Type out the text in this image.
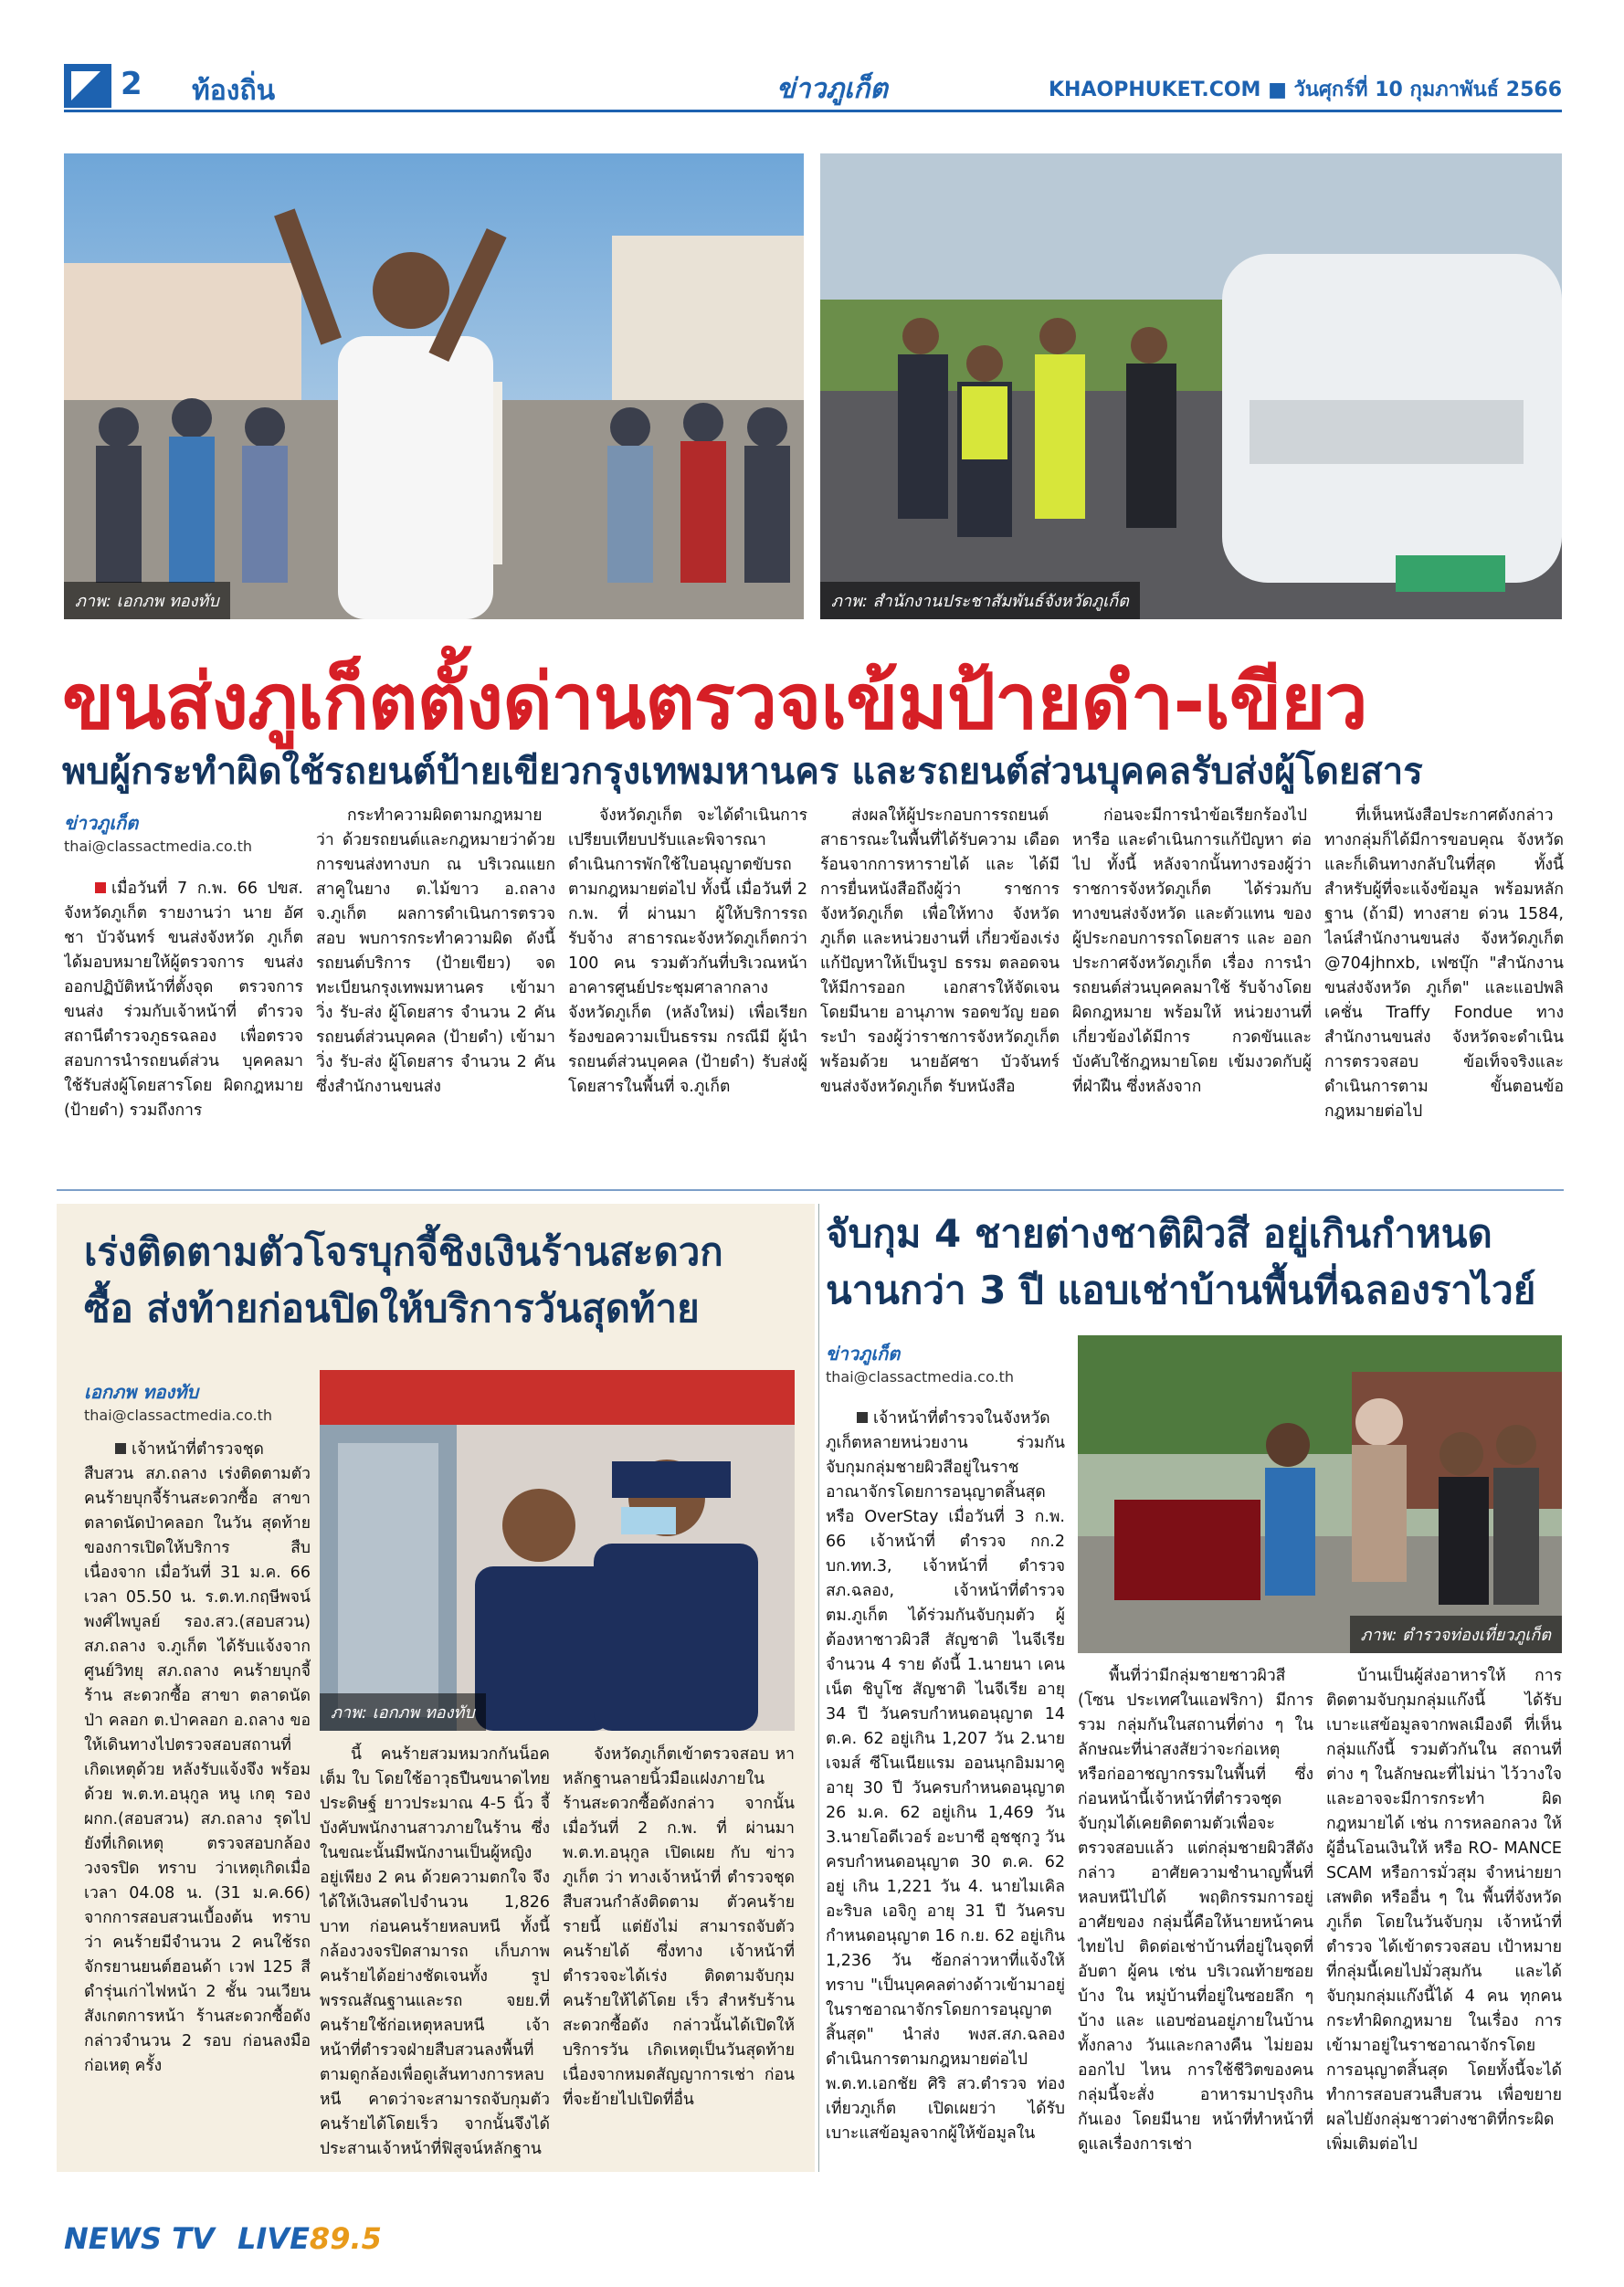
2 ท้องถิ่น	ข่าวภูเก็ต	KHAOPHUKET.COM ■ วันศุกร์ที่ 10 กุมภาพันธ์ 2566
ภาพ: เอกภพ ทองทับ	ภาพ: สำนักงานประชาสัมพันธ์จังหวัดภูเก็ต
ขนส่งภูเก็ตตั้งด่านตรวจเข้มป้ายดำ-เขียว
พบผู้กระทำผิดใช้รถยนต์ป้ายเขียวกรุงเทพมหานคร และรถยนต์ส่วนบุคคลรับส่งผู้โดยสาร
ข่าวภูเก็ต
thai@classactmedia.co.th

เมื่อวันที่ 7 ก.พ. 66 ปขส. จังหวัดภูเก็ต รายงานว่า นาย อัศชา บัวจันทร์ ขนส่งจังหวัด ภูเก็ต ได้มอบหมายให้ผู้ตรวจการ ขนส่งออกปฏิบัติหน้าที่ตั้งจุด ตรวจการขนส่ง ร่วมกับเจ้าหน้าที่ ตำรวจ สถานีตำรวจภูธรฉลอง เพื่อตรวจสอบการนำรถยนต์ส่วน บุคคลมาใช้รับส่งผู้โดยสารโดย ผิดกฎหมาย (ป้ายดำ) รวมถึงการ

กระทำความผิดตามกฎหมายว่า ด้วยรถยนต์และกฎหมายว่าด้วย การขนส่งทางบก ณ บริเวณแยก สาคูในยาง ต.ไม้ขาว อ.ถลาง จ.ภูเก็ต ผลการดำเนินการตรวจสอบ พบการกระทำความผิด ดังนี้ รถยนต์บริการ (ป้ายเขียว) จด ทะเบียนกรุงเทพมหานคร เข้ามา วิ่ง รับ-ส่ง ผู้โดยสาร จำนวน 2 คัน รถยนต์ส่วนบุคคล (ป้ายดำ) เข้ามาวิ่ง รับ-ส่ง ผู้โดยสาร จำนวน 2 คัน ซึ่งสำนักงานขนส่ง

จังหวัดภูเก็ต จะได้ดำเนินการ เปรียบเทียบปรับและพิจารณา ดำเนินการพักใช้ใบอนุญาตขับรถ ตามกฎหมายต่อไป ทั้งนี้ เมื่อวันที่ 2 ก.พ. ที่ ผ่านมา ผู้ให้บริการรถรับจ้าง สาธารณะจังหวัดภูเก็ตกว่า 100 คน รวมตัวกันที่บริเวณหน้า อาคารศูนย์ประชุมศาลากลาง จังหวัดภูเก็ต (หลังใหม่) เพื่อเรียก ร้องขอความเป็นธรรม กรณีมี ผู้นำรถยนต์ส่วนบุคคล (ป้ายดำ) รับส่งผู้โดยสารในพื้นที่ จ.ภูเก็ต

ส่งผลให้ผู้ประกอบการรถยนต์ สาธารณะในพื้นที่ได้รับความ เดือดร้อนจากการหารายได้ และ ได้มีการยื่นหนังสือถึงผู้ว่า ราชการจังหวัดภูเก็ต เพื่อให้ทาง จังหวัดภูเก็ต และหน่วยงานที่ เกี่ยวข้องเร่งแก้ปัญหาให้เป็นรูป ธรรม ตลอดจนให้มีการออก เอกสารให้จัดเจน โดยมีนาย อานุภาพ รอดขวัญ ยอดระบำ รองผู้ว่าราชการจังหวัดภูเก็ต พร้อมด้วย นายอัศชา บัวจันทร์ ขนส่งจังหวัดภูเก็ต รับหนังสือ

ก่อนจะมีการนำข้อเรียกร้องไป หารือ และดำเนินการแก้ปัญหา ต่อไป ทั้งนี้ หลังจากนั้นทางรองผู้ว่า ราชการจังหวัดภูเก็ต ได้ร่วมกับ ทางขนส่งจังหวัด และตัวแทน ของผู้ประกอบการรถโดยสาร และ ออกประกาศจังหวัดภูเก็ต เรื่อง การนำรถยนต์ส่วนบุคคลมาใช้ รับจ้างโดยผิดกฎหมาย พร้อมให้ หน่วยงานที่เกี่ยวข้องได้มีการ กวดขันและบังคับใช้กฎหมายโดย เข้มงวดกับผู้ที่ฝ่าฝืน ซึ่งหลังจาก

ที่เห็นหนังสือประกาศดังกล่าว ทางกลุ่มก็ได้มีการขอบคุณ จังหวัดและก็เดินทางกลับในที่สุด ทั้งนี้ สำหรับผู้ที่จะแจ้งข้อมูล พร้อมหลักฐาน (ถ้ามี) ทางสาย ด่วน 1584, ไลน์สำนักงานขนส่ง จังหวัดภูเก็ต @704jhnxb, เฟซบุ๊ก "สำนักงานขนส่งจังหวัด ภูเก็ต" และแอปพลิเคชั่น Traffy Fondue ทางสำนักงานขนส่ง จังหวัดจะดำเนินการตรวจสอบ ข้อเท็จจริงและดำเนินการตาม ขั้นตอนข้อกฎหมายต่อไป

เร่งติดตามตัวโจรบุกจี้ชิงเงินร้านสะดวก
ซื้อ ส่งท้ายก่อนปิดให้บริการวันสุดท้าย
เอกภพ ทองทับ
thai@classactmedia.co.th

เจ้าหน้าที่ตำรวจชุด สืบสวน สภ.ถลาง เร่งติดตามตัว คนร้ายบุกจี้ร้านสะดวกซื้อ สาขา ตลาดนัดป่าคลอก ในวัน สุดท้ายของการเปิดให้บริการ สืบเนื่องจาก เมื่อวันที่ 31 ม.ค. 66 เวลา 05.50 น. ร.ต.ท.กฤษีพจน์ พงศ์ไพบูลย์ รอง.สว.(สอบสวน) สภ.ถลาง จ.ภูเก็ต ได้รับแจ้งจากศูนย์วิทยุ สภ.ถลาง คนร้ายบุกจี้ร้าน สะดวกซื้อ สาขา ตลาดนัดป่า คลอก ต.ป่าคลอก อ.ถลาง ขอ ให้เดินทางไปตรวจสอบสถานที่ เกิดเหตุด้วย หลังรับแจ้งจึง พร้อมด้วย พ.ต.ท.อนุกูล หนู เกตุ รอง ผกก.(สอบสวน) สภ.ถลาง รุดไปยังที่เกิดเหตุ ตรวจสอบกล้องวงจรปิด ทราบ ว่าเหตุเกิดเมื่อเวลา 04.08 น. (31 ม.ค.66) จากการสอบสวนเบื้องต้น ทราบว่า คนร้ายมีจำนวน 2 คนใช้รถจักรยานยนต์ฮอนด้า เวฟ 125 สีดำรุ่นเก่าไฟหน้า 2 ชั้น วนเวียน สังเกตการหน้า ร้านสะดวกซื้อดังกล่าวจำนวน 2 รอบ ก่อนลงมือก่อเหตุ ครั้ง

ภาพ: เอกภพ ทองทับ

นี้ คนร้ายสวมหมวกกันน็อคเต็ม ใบ โดยใช้อาวุธปืนขนาดไทย ประดิษฐ์ ยาวประมาณ 4-5 นิ้ว จี้ บังคับพนักงานสาวภายในร้าน ซึ่ง ในขณะนั้นมีพนักงานเป็นผู้หญิง อยู่เพียง 2 คน ด้วยความตกใจ จึง ได้ให้เงินสดไปจำนวน 1,826 บาท ก่อนคนร้ายหลบหนี ทั้งนี้กล้องวงจรปิดสามารถ เก็บภาพคนร้ายได้อย่างชัดเจนทั้ง รูปพรรณสัณฐานและรถ จยย.ที่ คนร้ายใช้ก่อเหตุหลบหนี เจ้า หน้าที่ตำรวจฝ่ายสืบสวนลงพื้นที่ ตามดูกล้องเพื่อดูเส้นทางการหลบ หนี คาดว่าจะสามารถจับกุมตัว คนร้ายได้โดยเร็ว จากนั้นจึงได้ ประสานเจ้าหน้าที่ฟิสูจน์หลักฐาน

จังหวัดภูเก็ตเข้าตรวจสอบ หา หลักฐานลายนิ้วมือแฝงภายใน ร้านสะดวกซื้อดังกล่าว จากนั้นเมื่อวันที่ 2 ก.พ. ที่ ผ่านมา พ.ต.ท.อนุกูล เปิดเผย กับ ข่าวภูเก็ต ว่า ทางเจ้าหน้าที่ ตำรวจชุดสืบสวนกำลังติดตาม ตัวคนร้ายรายนี้ แต่ยังไม่ สามารถจับตัวคนร้ายได้ ซึ่งทาง เจ้าหน้าที่ตำรวจจะได้เร่ง ติดตามจับกุมคนร้ายให้ได้โดย เร็ว สำหรับร้านสะดวกซื้อดัง กล่าวนั้นได้เปิดให้บริการวัน เกิดเหตุเป็นวันสุดท้าย เนื่องจากหมดสัญญาการเช่า ก่อนที่จะย้ายไปเปิดที่อื่น

จับกุม 4 ชายต่างชาติผิวสี อยู่เกินกำหนด
นานกว่า 3 ปี แอบเช่าบ้านพื้นที่ฉลองราไวย์
ข่าวภูเก็ต
thai@classactmedia.co.th

เจ้าหน้าที่ตำรวจในจังหวัด ภูเก็ตหลายหน่วยงาน ร่วมกัน จับกุมกลุ่มชายผิวสีอยู่ในราช อาณาจักรโดยการอนุญาตสิ้นสุด หรือ OverStay เมื่อวันที่ 3 ก.พ. 66 เจ้าหน้าที่ ตำรวจ กก.2 บก.ทท.3, เจ้าหน้าที่ ตำรวจ สภ.ฉลอง, เจ้าหน้าที่ตำรวจ ตม.ภูเก็ต ได้ร่วมกันจับกุมตัว ผู้ ต้องหาชาวผิวสี สัญชาติ ไนจีเรีย จำนวน 4 ราย ดังนี้ 1.นายนา เคน เน็ต ชิบูโซ สัญชาติ ไนจีเรีย อายุ 34 ปี วันครบกำหนดอนุญาต 14 ต.ค. 62 อยู่เกิน 1,207 วัน 2.นาย เจมส์ ซีโนเนียแรม ออนนุกอิมมาคู อายุ 30 ปี วันครบกำหนดอนุญาต 26 ม.ค. 62 อยู่เกิน 1,469 วัน 3.นายโอดีเวอร์ อะบาซี อุชชุกวู วัน ครบกำหนดอนุญาต 30 ต.ค. 62 อยู่ เกิน 1,221 วัน 4. นายไมเคิล อะริบล เอจิกู อายุ 31 ปี วันครบ กำหนดอนุญาต 16 ก.ย. 62 อยู่เกิน 1,236 วัน ซ้อกล่าวหาที่แจ้งให้ ทราบ "เป็นบุคคลต่างด้าวเข้ามาอยู่ ในราชอาณาจักรโดยการอนุญาต สิ้นสุด" นำส่ง พงส.สภ.ฉลอง ดำเนินการตามกฎหมายต่อไป พ.ต.ท.เอกชัย ศิริ สว.ตำรวจ ท่องเที่ยวภูเก็ต เปิดเผยว่า ได้รับ เบาะแสข้อมูลจากผู้ให้ข้อมูลใน

ภาพ: ตำรวจท่องเที่ยวภูเก็ต

พื้นที่ว่ามีกลุ่มชายชาวผิวสี (โซน ประเทศในแอฟริกา) มีการรวม กลุ่มกันในสถานที่ต่าง ๆ ใน ลักษณะที่น่าสงสัยว่าจะก่อเหตุ หรือก่ออาชญากรรมในพื้นที่ ซึ่ง ก่อนหน้านี้เจ้าหน้าที่ตำรวจชุด จับกุมได้เคยติดตามตัวเพื่อจะ ตรวจสอบแล้ว แต่กลุ่มชายผิวสีดัง กล่าว อาศัยความชำนาญพื้นที่ หลบหนีไปได้ พฤติกรรมการอยู่อาศัยของ กลุ่มนี้คือให้นายหน้าคนไทยไป ติดต่อเช่าบ้านที่อยู่ในจุดที่อับตา ผู้คน เช่น บริเวณท้ายซอยบ้าง ใน หมู่บ้านที่อยู่ในซอยลึก ๆ บ้าง และ แอบซ่อนอยู่ภายในบ้านทั้งกลาง วันและกลางคืน ไม่ยอมออกไป ไหน การใช้ชีวิตของคนกลุ่มนี้จะสั่ง อาหารมาปรุงกินกันเอง โดยมีนาย หน้าที่ทำหน้าที่ดูแลเรื่องการเช่า

บ้านเป็นผู้ส่งอาหารให้ การติดตามจับกุมกลุ่มแก๊งนี้ ได้รับเบาะแสข้อมูลจากพลเมืองดี ที่เห็นกลุ่มแก๊งนี้ รวมตัวกันใน สถานที่ต่าง ๆ ในลักษณะที่ไม่น่า ไว้วางใจและอาจจะมีการกระทำ ผิดกฎหมายได้ เช่น การหลอกลวง ให้ผู้อื่นโอนเงินให้ หรือ RO- MANCE SCAM หรือการมั่วสุม จำหน่ายยาเสพติด หรืออื่น ๆ ใน พื้นที่จังหวัดภูเก็ต โดยในวันจับกุม เจ้าหน้าที่ตำรวจ ได้เข้าตรวจสอบ เป้าหมายที่กลุ่มนี้เคยไปมั่วสุมกัน และได้จับกุมกลุ่มแก๊งนี้ได้ 4 คน ทุกคนกระทำผิดกฎหมาย ในเรื่อง การเข้ามาอยู่ในราชอาณาจักรโดย การอนุญาตสิ้นสุด โดยทั้งนี้จะได้ ทำการสอบสวนสืบสวน เพื่อขยาย ผลไปยังกลุ่มชาวต่างชาติที่กระผิด เพิ่มเติมต่อไป

NEWS TV LIVE89.5
